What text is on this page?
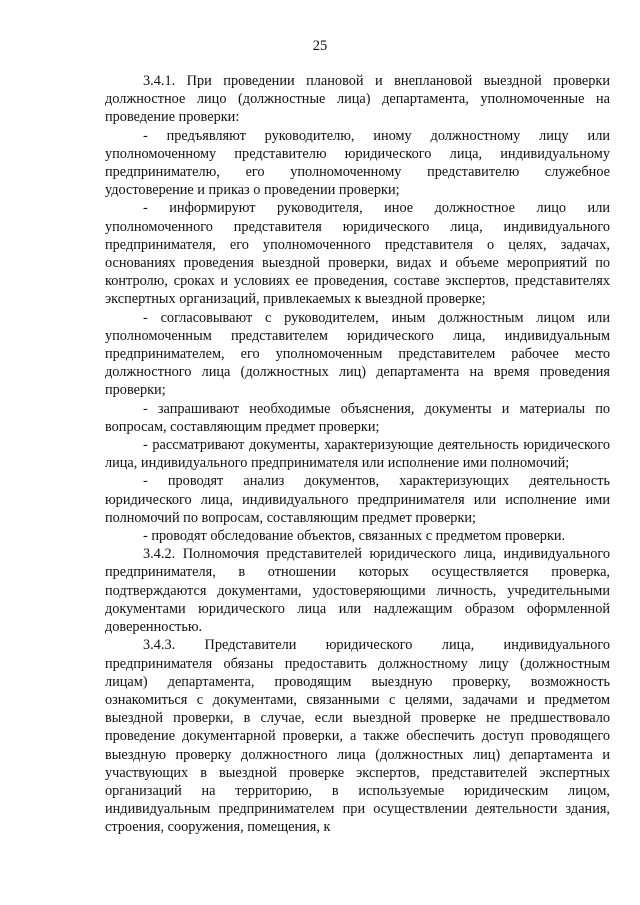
25

3.4.1. При проведении плановой и внеплановой выездной проверки должностное лицо (должностные лица) департамента, уполномоченные на проведение проверки:

- предъявляют руководителю, иному должностному лицу или уполномоченному представителю юридического лица, индивидуальному предпринимателю, его уполномоченному представителю служебное удостоверение и приказ о проведении проверки;

- информируют руководителя, иное должностное лицо или уполномоченного представителя юридического лица, индивидуального предпринимателя, его уполномоченного представителя о целях, задачах, основаниях проведения выездной проверки, видах и объеме мероприятий по контролю, сроках и условиях ее проведения, составе экспертов, представителях экспертных организаций, привлекаемых к выездной проверке;

- согласовывают с руководителем, иным должностным лицом или уполномоченным представителем юридического лица, индивидуальным предпринимателем, его уполномоченным представителем рабочее место должностного лица (должностных лиц) департамента на время проведения проверки;

- запрашивают необходимые объяснения, документы и материалы по вопросам, составляющим предмет проверки;

- рассматривают документы, характеризующие деятельность юридического лица, индивидуального предпринимателя или исполнение ими полномочий;

- проводят анализ документов, характеризующих деятельность юридического лица, индивидуального предпринимателя или исполнение ими полномочий по вопросам, составляющим предмет проверки;

- проводят обследование объектов, связанных с предметом проверки.

3.4.2. Полномочия представителей юридического лица, индивидуального предпринимателя, в отношении которых осуществляется проверка, подтверждаются документами, удостоверяющими личность, учредительными документами юридического лица или надлежащим образом оформленной доверенностью.

3.4.3. Представители юридического лица, индивидуального предпринимателя обязаны предоставить должностному лицу (должностным лицам) департамента, проводящим выездную проверку, возможность ознакомиться с документами, связанными с целями, задачами и предметом выездной проверки, в случае, если выездной проверке не предшествовало проведение документарной проверки, а также обеспечить доступ проводящего выездную проверку должностного лица (должностных лиц) департамента и участвующих в выездной проверке экспертов, представителей экспертных организаций на территорию, в используемые юридическим лицом, индивидуальным предпринимателем при осуществлении деятельности здания, строения, сооружения, помещения, к
